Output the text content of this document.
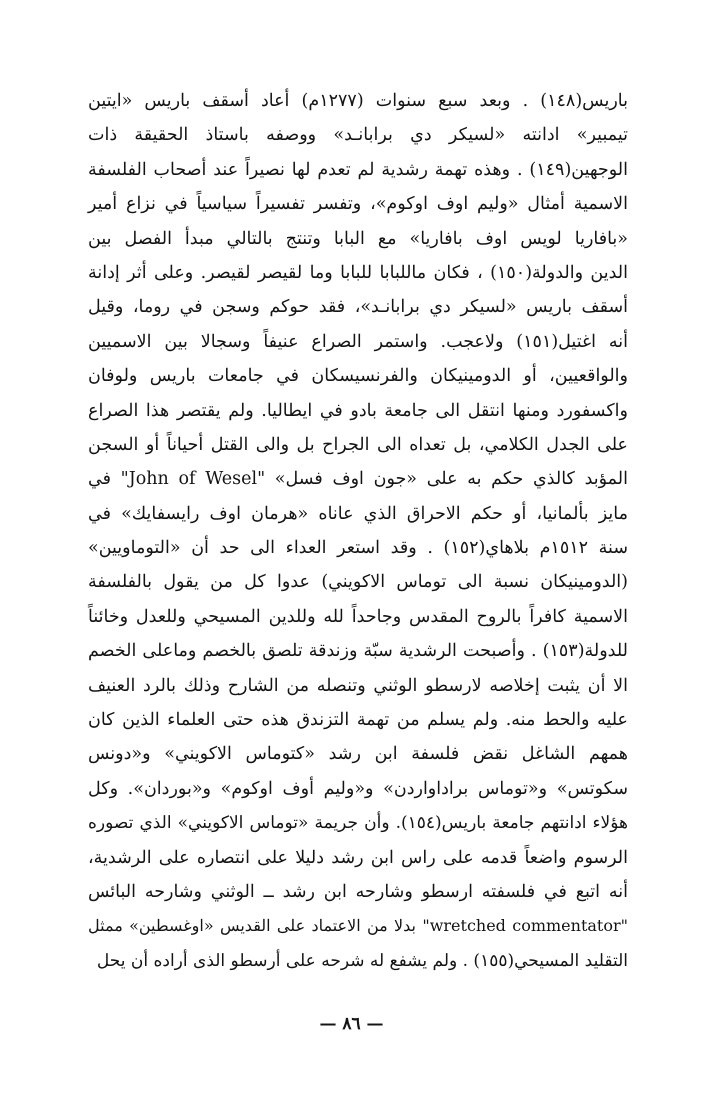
باريس(١٤٨) . وبعد سبع سنوات (١٢٧٧م) أعاد أسقف باريس «ايتين
تيمبير» ادانته «لسيكر دي برابانـد» ووصفه باستاذ الحقيقة ذات
الوجهين(١٤٩) . وهذه تهمة رشدية لم تعدم لها نصيراً عند أصحاب الفلسفة
الاسمية أمثال «وليم اوف اوكوم»، وتفسر تفسيراً سياسياً في نزاع أمير
«بافاريا لويس اوف بافاريا» مع البابا وتنتج بالتالي مبدأ الفصل بين
الدين والدولة(١٥٠) ، فكان ماللبابا للبابا وما لقيصر لقيصر. وعلى أثر إدانة
أسقف باريس «لسيكر دي برابانـد»، فقد حوكم وسجن في روما، وقيل
أنه اغتيل(١٥١) ولاعجب. واستمر الصراع عنيفاً وسجالا بين الاسميين
والواقعيين، أو الدومينيكان والفرنسيسكان في جامعات باريس ولوفان
واكسفورد ومنها انتقل الى جامعة بادو في ايطاليا. ولم يقتصر هذا الصراع
على الجدل الكلامي، بل تعداه الى الجراح بل والى القتل أحياناً أو السجن
المؤبد كالذي حكم به على «جون اوف فسل» "John of Wesel" في
مايز بألمانيا، أو حكم الاحراق الذي عاناه «هرمان اوف رايسفايك» في
سنة ١٥١٢م بلاهاي(١٥٢) . وقد استعر العداء الى حد أن «التوماويين»
(الدومينيكان نسبة الى توماس الاكويني) عدوا كل من يقول بالفلسفة
الاسمية كافراً بالروح المقدس وجاحداً لله وللدين المسيحي وللعدل وخائناً
للدولة(١٥٣) . وأصبحت الرشدية سبّة وزندقة تلصق بالخصم وماعلى الخصم
الا أن يثبت إخلاصه لارسطو الوثني وتنصله من الشارح وذلك بالرد العنيف
عليه والحط منه. ولم يسلم من تهمة التزندق هذه حتى العلماء الذين كان
همهم الشاغل نقض فلسفة ابن رشد «كتوماس الاكويني» و«دونس
سكوتس» و«توماس براداواردن» و«وليم أوف اوكوم» و«بوردان». وكل
هؤلاء ادانتهم جامعة باريس(١٥٤). وأن جريمة «توماس الاكويني» الذي تصوره
الرسوم واضعاً قدمه على راس ابن رشد دليلا على انتصاره على الرشدية،
أنه اتبع في فلسفته ارسطو وشارحه ابن رشد ــ الوثني وشارحه البائس
"wretched commentator" بدلا من الاعتماد على القديس «اوغسطين» ممثل
التقليد المسيحي(١٥٥) . ولم يشفع له شرحه على أرسطو الذى أراده أن يحل
— ٨٦ —
